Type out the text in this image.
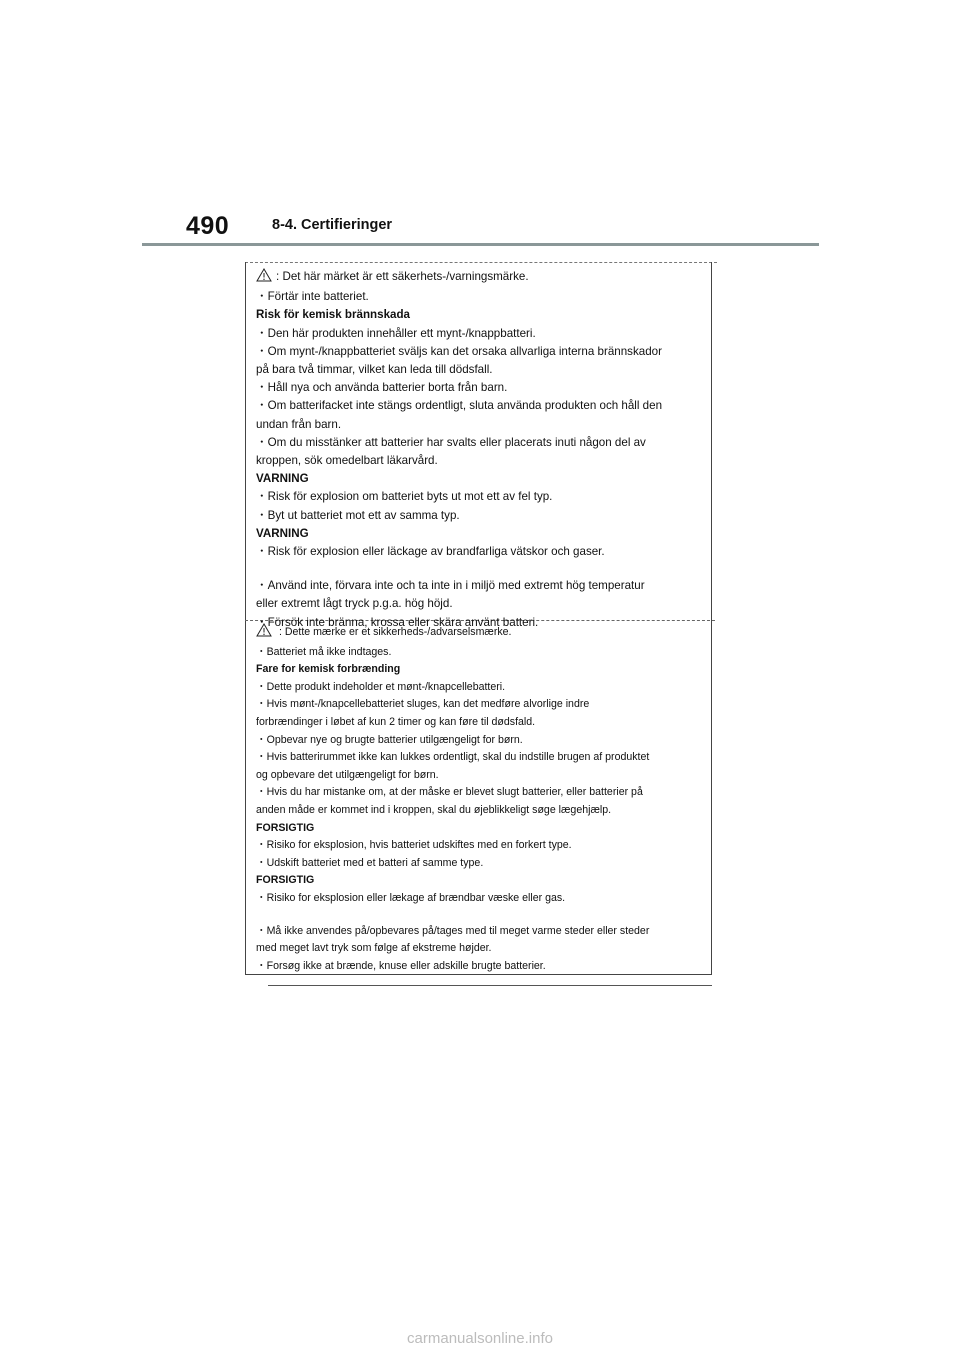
490	8-4. Certifieringer
: Det här märket är ett säkerhets-/varningsmärke.
・Förtär inte batteriet.
Risk för kemisk brännskada
・Den här produkten innehåller ett mynt-/knappbatteri.
・Om mynt-/knappbatteriet sväljs kan det orsaka allvarliga interna brännskador
på bara två timmar, vilket kan leda till dödsfall.
・Håll nya och använda batterier borta från barn.
・Om batterifacket inte stängs ordentligt, sluta använda produkten och håll den
undan från barn.
・Om du misstänker att batterier har svalts eller placerats inuti någon del av
kroppen, sök omedelbart läkarvård.
VARNING
・Risk för explosion om batteriet byts ut mot ett av fel typ.
・Byt ut batteriet mot ett av samma typ.
VARNING
・Risk för explosion eller läckage av brandfarliga vätskor och gaser.
・Använd inte, förvara inte och ta inte in i miljö med extremt hög temperatur
eller extremt lågt tryck p.g.a. hög höjd.
・Försök inte bränna, krossa eller skära använt batteri.
: Dette mærke er et sikkerheds-/advarselsmærke.
・Batteriet må ikke indtages.
Fare for kemisk forbrænding
・Dette produkt indeholder et mønt-/knapcellebatteri.
・Hvis mønt-/knapcellebatteriet sluges, kan det medføre alvorlige indre
forbrændinger i løbet af kun 2 timer og kan føre til dødsfald.
・Opbevar nye og brugte batterier utilgængeligt for børn.
・Hvis batterirummet ikke kan lukkes ordentligt, skal du indstille brugen af produktet
og opbevare det utilgængeligt for børn.
・Hvis du har mistanke om, at der måske er blevet slugt batterier, eller batterier på
anden måde er kommet ind i kroppen, skal du øjeblikkeligt søge lægehjælp.
FORSIGTIG
・Risiko for eksplosion, hvis batteriet udskiftes med en forkert type.
・Udskift batteriet med et batteri af samme type.
FORSIGTIG
・Risiko for eksplosion eller lækage af brændbar væske eller gas.
・Må ikke anvendes på/opbevares på/tages med til meget varme steder eller steder
med meget lavt tryk som følge af ekstreme højder.
・Forsøg ikke at brænde, knuse eller adskille brugte batterier.
carmanualsonline.info
